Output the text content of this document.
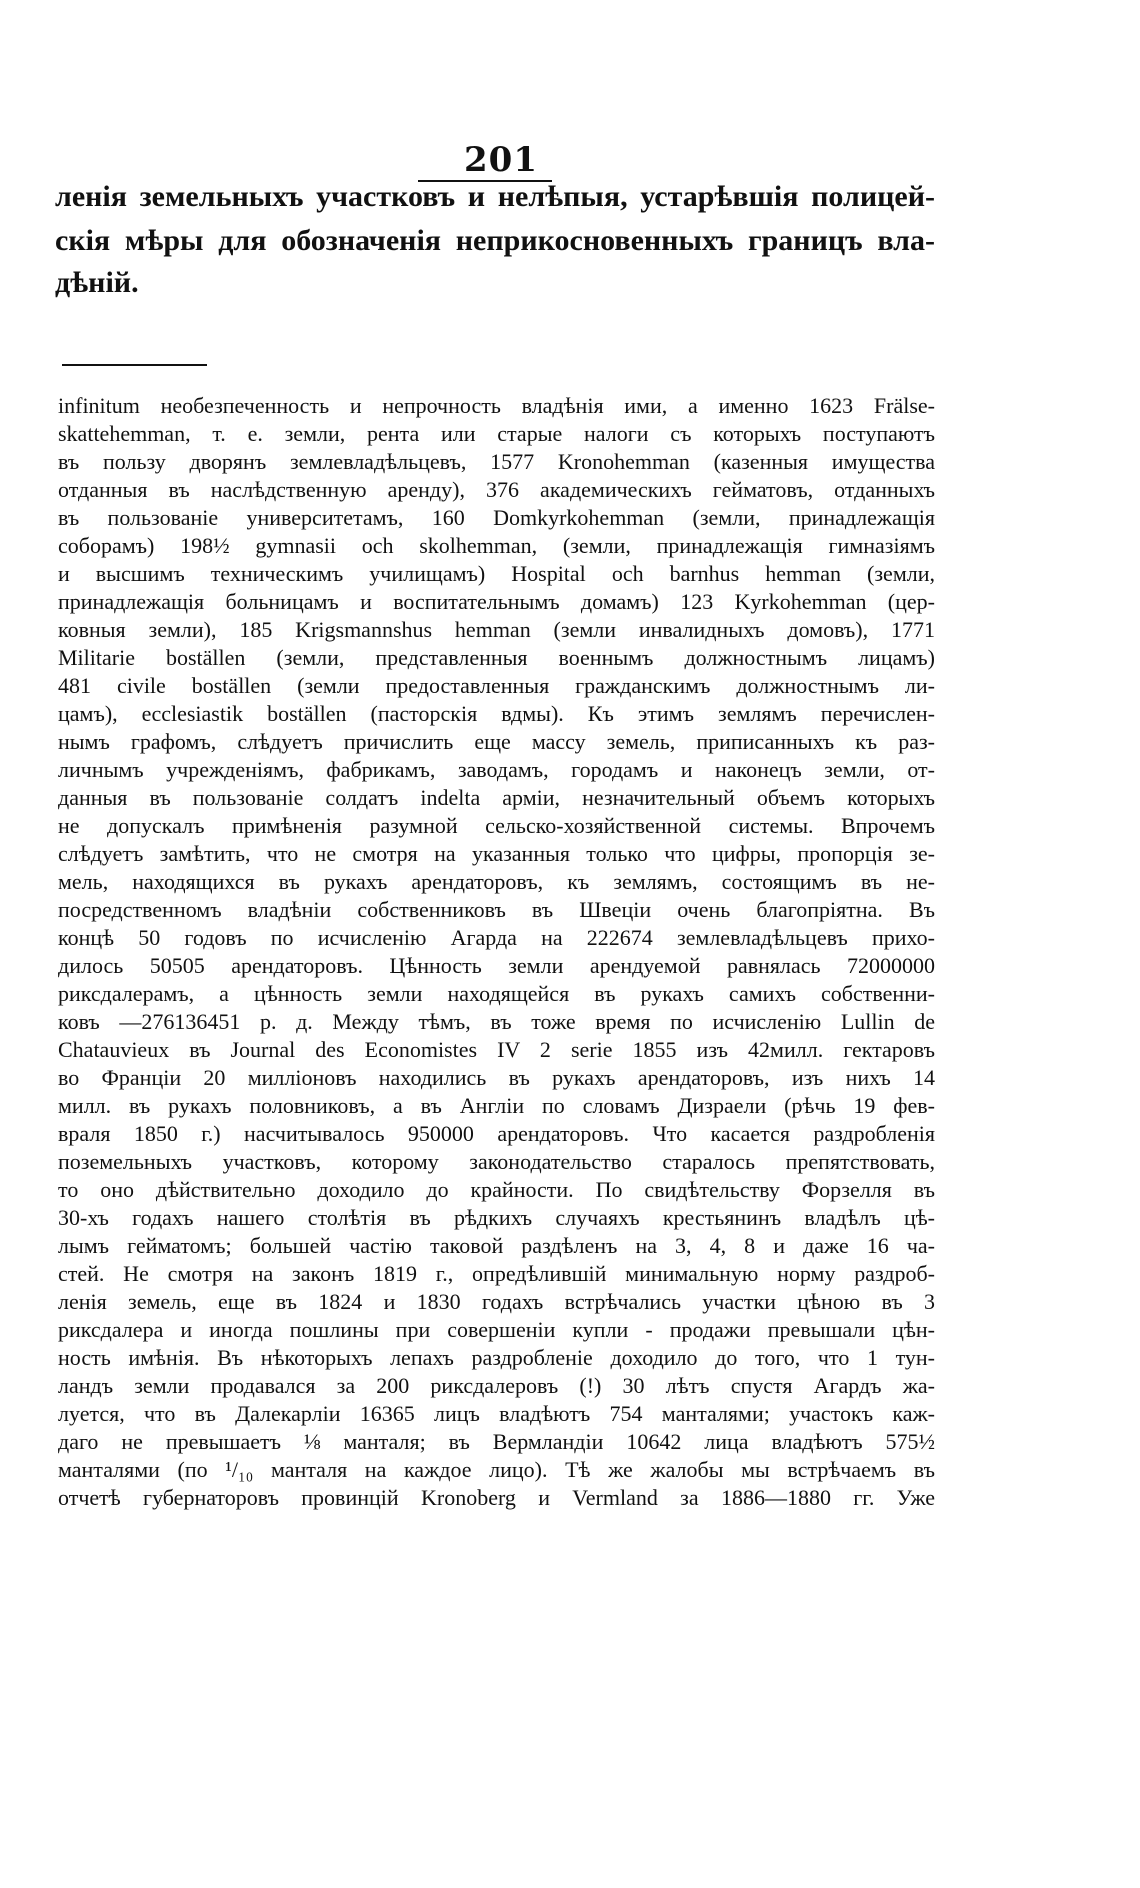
201
ленія земельныхъ участковъ и нелѣпыя, устарѣвшія полицей-
скія мѣры для обозначенія неприкосновенныхъ границъ вла-
дѣній.
infinitum необезпеченность и непрочность владѣнія ими, а именно 1623 Frälse-
skattehemman, т. е. земли, рента или старые налоги съ которыхъ поступаютъ
въ пользу дворянъ землевладѣльцевъ, 1577 Kronohemman (казенныя имущества
отданныя въ наслѣдственную аренду), 376 академическихъ гейматовъ, отданныхъ
въ пользованіе университетамъ, 160 Domkyrkohemman (земли, принадлежащія
соборамъ) 198½ gymnasii och skolhemman, (земли, принадлежащія гимназіямъ
и высшимъ техническимъ училищамъ) Hospital och barnhus hemman (земли,
принадлежащія больницамъ и воспитательнымъ домамъ) 123 Kyrkohemman (цер-
ковныя земли), 185 Krigsmannshus hemman (земли инвалидныхъ домовъ), 1771
Militarie boställen (земли, представленныя военнымъ должностнымъ лицамъ)
481 civile boställen (земли предоставленныя гражданскимъ должностнымъ ли-
цамъ), ecclesiastik boställen (пасторскія вдмы). Къ этимъ землямъ перечислен-
нымъ графомъ, слѣдуетъ причислить еще массу земель, приписанныхъ къ раз-
личнымъ учрежденіямъ, фабрикамъ, заводамъ, городамъ и наконецъ земли, от-
данныя въ пользованіе солдатъ indelta арміи, незначительный объемъ которыхъ
не допускалъ примѣненія разумной сельско-хозяйственной системы. Впрочемъ
слѣдуетъ замѣтить, что не смотря на указанныя только что цифры, пропорція зе-
мель, находящихся въ рукахъ арендаторовъ, къ землямъ, состоящимъ въ не-
посредственномъ владѣніи собственниковъ въ Швеціи очень благопріятна. Въ
концѣ 50 годовъ по исчисленію Агарда на 222674 землевладѣльцевъ прихо-
дилось 50505 арендаторовъ. Цѣнность земли арендуемой равнялась 72000000
риксдалерамъ, а цѣнность земли находящейся въ рукахъ самихъ собственни-
ковъ —276136451 р. д. Между тѣмъ, въ тоже время по исчисленію Lullin de
Chatauvieux въ Journal des Economistes IV 2 serie 1855 изъ 42милл. гектаровъ
во Франціи 20 милліоновъ находились въ рукахъ арендаторовъ, изъ нихъ 14
милл. въ рукахъ половниковъ, а въ Англіи по словамъ Дизраели (рѣчь 19 фев-
враля 1850 г.) насчитывалось 950000 арендаторовъ. Что касается раздробленія
поземельныхъ участковъ, которому законодательство старалось препятствовать,
то оно дѣйствительно доходило до крайности. По свидѣтельству Форзелля въ
30-хъ годахъ нашего столѣтія въ рѣдкихъ случаяхъ крестьянинъ владѣлъ цѣ-
лымъ гейматомъ; большей частію таковой раздѣленъ на 3, 4, 8 и даже 16 ча-
стей. Не смотря на законъ 1819 г., опредѣлившій минимальную норму раздроб-
ленія земель, еще въ 1824 и 1830 годахъ встрѣчались участки цѣною въ 3
риксдалера и иногда пошлины при совершеніи купли - продажи превышали цѣн-
ность имѣнія. Въ нѣкоторыхъ лепахъ раздробленіе доходило до того, что 1 тун-
ландъ земли продавался за 200 риксдалеровъ (!) 30 лѣтъ спустя Агардъ жа-
луется, что въ Далекарліи 16365 лицъ владѣютъ 754 манталями; участокъ каж-
даго не превышаетъ ⅛ манталя; въ Вермландіи 10642 лица владѣютъ 575½
манталями (по ¹/₁₀ манталя на каждое лицо). Тѣ же жалобы мы встрѣчаемъ въ
отчетѣ губернаторовъ провинцій Kronoberg и Vermland за 1886—1880 гг. Уже
